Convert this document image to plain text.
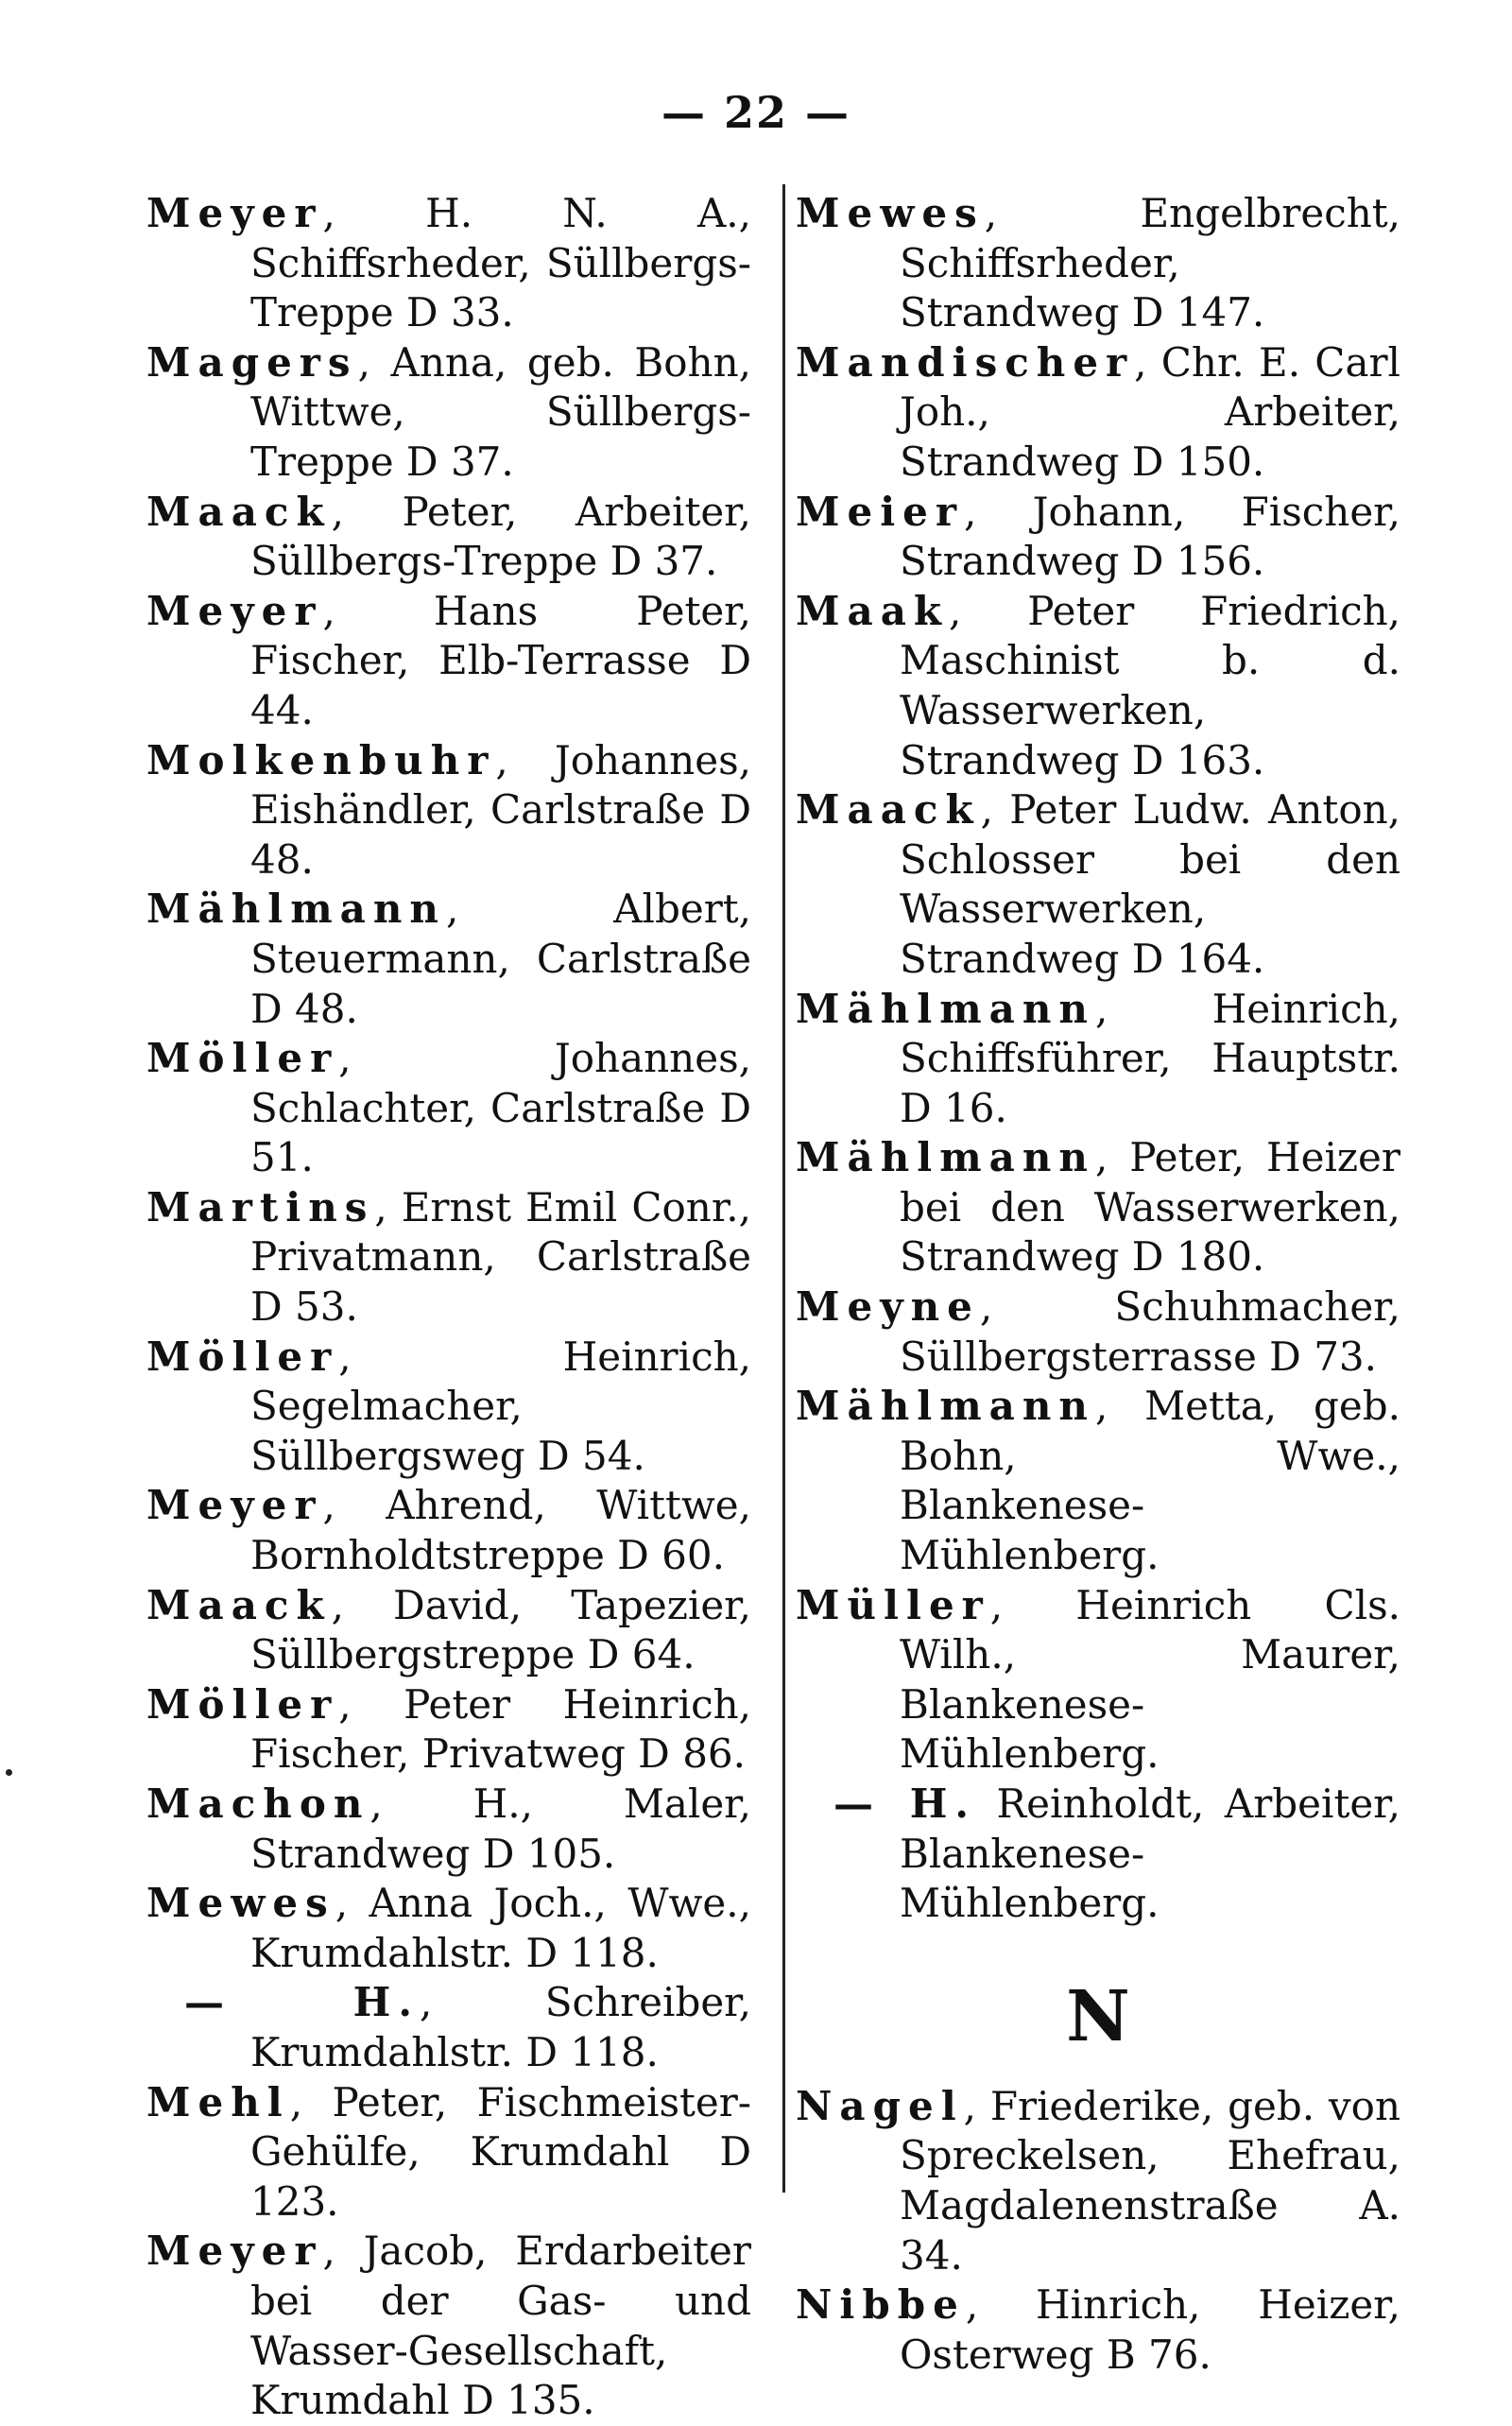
— 22 —

Meyer, H. N. A., Schiffsrheder, Süllbergs-Treppe D 33.

Magers, Anna, geb. Bohn, Wittwe, Süllbergs-Treppe D 37.

Maack, Peter, Arbeiter, Süllbergs-Treppe D 37.

Meyer, Hans Peter, Fischer, Elb-Terrasse D 44.

Molkenbuhr, Johannes, Eishändler, Carlstraße D 48.

Mählmann, Albert, Steuermann, Carlstraße D 48.

Möller, Johannes, Schlachter, Carlstraße D 51.

Martins, Ernst Emil Conr., Privatmann, Carlstraße D 53.

Möller, Heinrich, Segelmacher, Süllbergsweg D 54.

Meyer, Ahrend, Wittwe, Bornholdtstreppe D 60.

Maack, David, Tapezier, Süllbergstreppe D 64.

Möller, Peter Heinrich, Fischer, Privatweg D 86.

Machon, H., Maler, Strandweg D 105.

Mewes, Anna Joch., Wwe., Krumdahlstr. D 118.

— H., Schreiber, Krumdahlstr. D 118.

Mehl, Peter, Fischmeister-Gehülfe, Krumdahl D 123.

Meyer, Jacob, Erdarbeiter bei der Gas- und Wasser-Gesellschaft, Krumdahl D 135.

Mewes, Engelbrecht, Schiffsrheder, Strandweg D 147.

Mandischer, Chr. E. Carl Joh., Arbeiter, Strandweg D 150.

Meier, Johann, Fischer, Strandweg D 156.

Maak, Peter Friedrich, Maschinist b. d. Wasserwerken, Strandweg D 163.

Maack, Peter Ludw. Anton, Schlosser bei den Wasserwerken, Strandweg D 164.

Mählmann, Heinrich, Schiffsführer, Hauptstr. D 16.

Mählmann, Peter, Heizer bei den Wasserwerken, Strandweg D 180.

Meyne, Schuhmacher, Süllbergsterrasse D 73.

Mählmann, Metta, geb. Bohn, Wwe., Blankenese-Mühlenberg.

Müller, Heinrich Cls. Wilh., Maurer, Blankenese-Mühlenberg.

— H. Reinholdt, Arbeiter, Blankenese-Mühlenberg.

N

Nagel, Friederike, geb. von Spreckelsen, Ehefrau, Magdalenenstraße A. 34.

Nibbe, Hinrich, Heizer, Osterweg B 76.
